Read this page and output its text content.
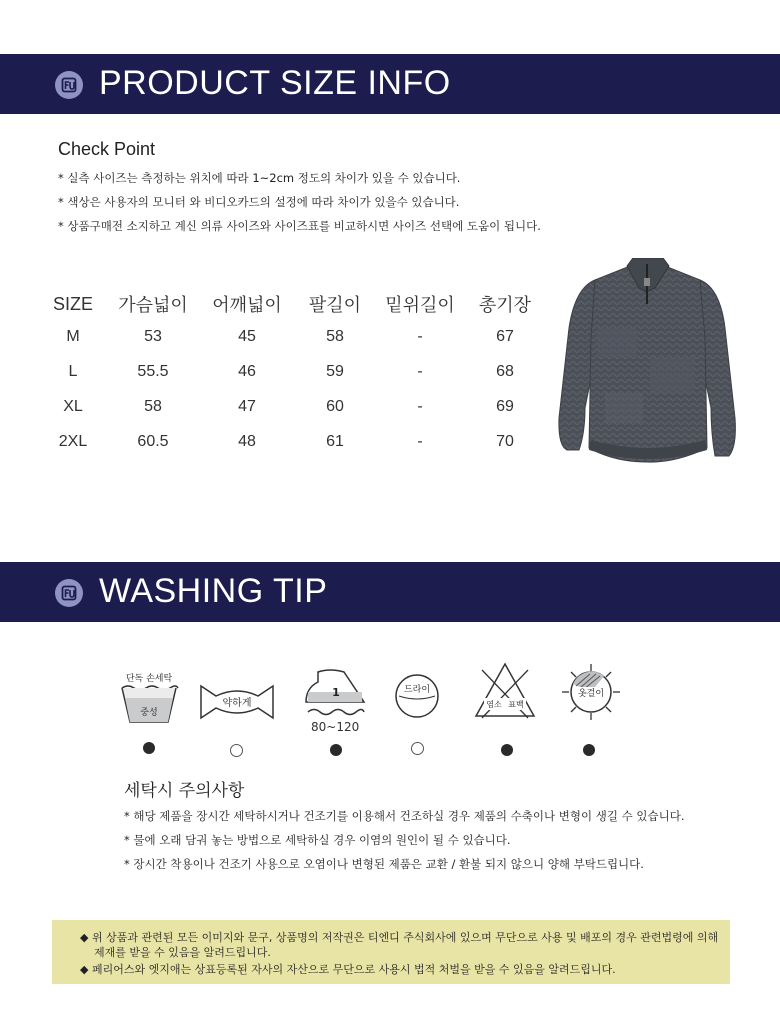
PRODUCT SIZE INFO
Check Point
* 실측 사이즈는 측정하는 위치에 따라 1~2cm 정도의 차이가 있을 수 있습니다.
* 색상은 사용자의 모니터 와 비디오카드의 설정에 따라 차이가 있을수 있습니다.
* 상품구매전 소지하고 계신 의류 사이즈와 사이즈표를 비교하시면 사이즈 선택에 도움이 됩니다.
SIZE	가슴넓이	어깨넓이	팔길이	밑위길이	총기장
M	53	45	58	-	67
L	55.5	46	59	-	68
XL	58	47	60	-	69
2XL	60.5	48	61	-	70
WASHING TIP
단독 손세탁
중성
약하게
1
80~120
드라이
염소 표백
옷걸이
세탁시 주의사항
* 해당 제품을 장시간 세탁하시거나 건조기를 이용해서 건조하실 경우 제품의 수축이나 변형이 생길 수 있습니다.
* 물에 오래 담궈 놓는 방법으로 세탁하실 경우 이염의 원인이 될 수 있습니다.
* 장시간 착용이나 건조기 사용으로 오염이나 변형된 제품은 교환 / 환불 되지 않으니 양해 부탁드립니다.
◆ 위 상품과 관련된 모든 이미지와 문구, 상품명의 저작권은 티엔디 주식회사에 있으며 무단으로 사용 및 배포의 경우 관련법령에 의해
제재를 받을 수 있음을 알려드립니다.
◆ 페리어스와 엣지애는 상표등록된 자사의 자산으로 무단으로 사용시 법적 처벌을 받을 수 있음을 알려드립니다.
